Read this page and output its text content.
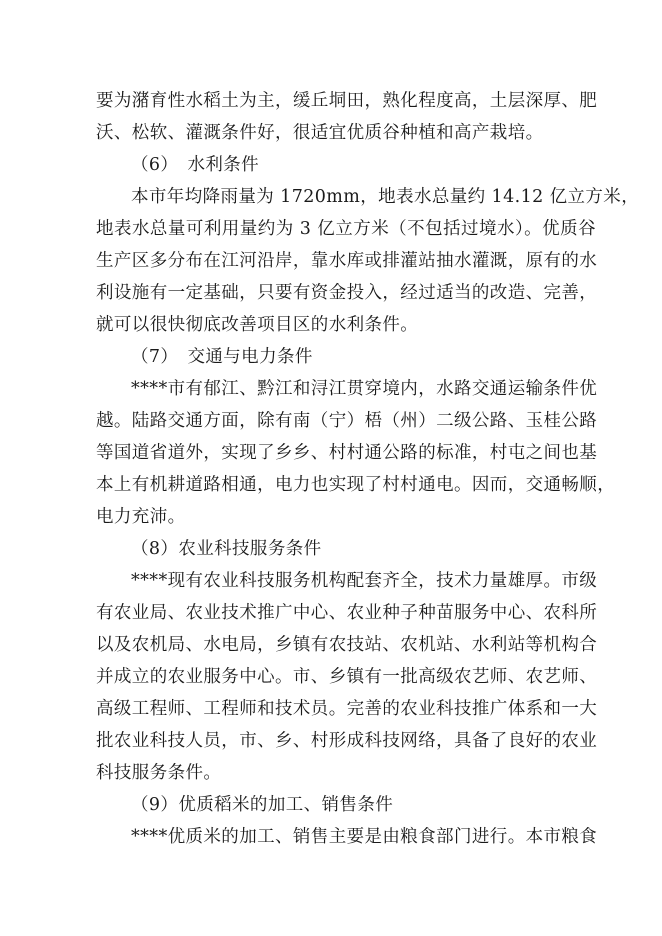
要为潴育性水稻土为主，缓丘垌田，熟化程度高，土层深厚、肥
沃、松软、灌溉条件好，很适宜优质谷种植和高产栽培。
（6）　水利条件
本市年均降雨量为 1720mm，地表水总量约 14.12 亿立方米，
地表水总量可利用量约为 3 亿立方米（不包括过境水）。优质谷
生产区多分布在江河沿岸，靠水库或排灌站抽水灌溉，原有的水
利设施有一定基础，只要有资金投入，经过适当的改造、完善，
就可以很快彻底改善项目区的水利条件。
（7）　交通与电力条件
****市有郁江、黔江和浔江贯穿境内，水路交通运输条件优
越。陆路交通方面，除有南（宁）梧（州）二级公路、玉桂公路
等国道省道外，实现了乡乡、村村通公路的标准，村屯之间也基
本上有机耕道路相通，电力也实现了村村通电。因而，交通畅顺，
电力充沛。
（8）农业科技服务条件
****现有农业科技服务机构配套齐全，技术力量雄厚。市级
有农业局、农业技术推广中心、农业种子种苗服务中心、农科所
以及农机局、水电局，乡镇有农技站、农机站、水利站等机构合
并成立的农业服务中心。市、乡镇有一批高级农艺师、农艺师、
高级工程师、工程师和技术员。完善的农业科技推广体系和一大
批农业科技人员，市、乡、村形成科技网络，具备了良好的农业
科技服务条件。
（9）优质稻米的加工、销售条件
****优质米的加工、销售主要是由粮食部门进行。本市粮食
